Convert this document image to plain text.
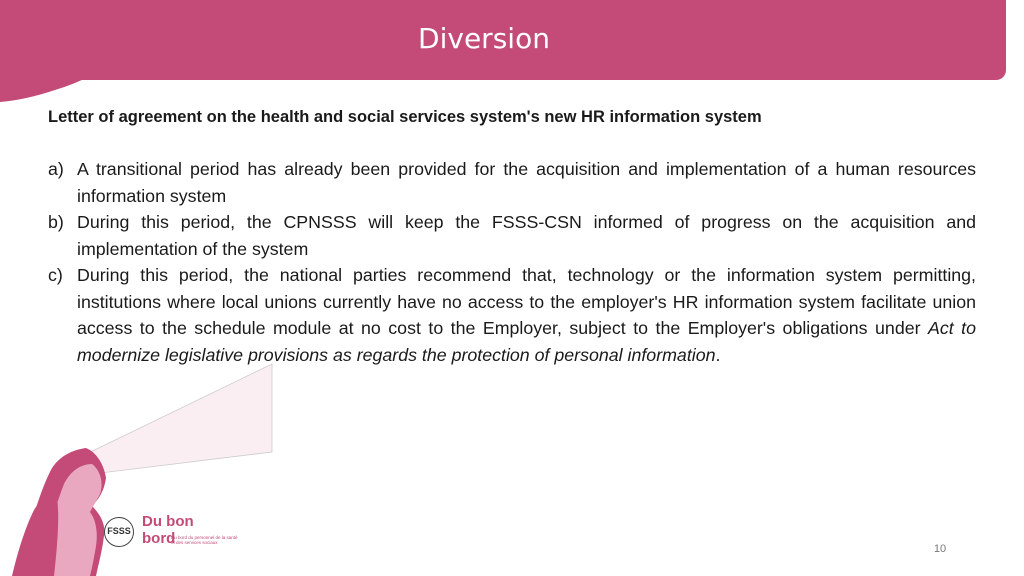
Diversion
Letter of agreement on the health and social services system's new HR information system
a) A transitional period has already been provided for the acquisition and implementation of a human resources information system
b) During this period, the CPNSSS will keep the FSSS-CSN informed of progress on the acquisition and implementation of the system
c) During this period, the national parties recommend that, technology or the information system permitting, institutions where local unions currently have no access to the employer's HR information system facilitate union access to the schedule module at no cost to the Employer, subject to the Employer's obligations under Act to modernize legislative provisions as regards the protection of personal information.
FSSS
Du bon
bord
Du bord du personnel de la santé et des services sociaux
10
